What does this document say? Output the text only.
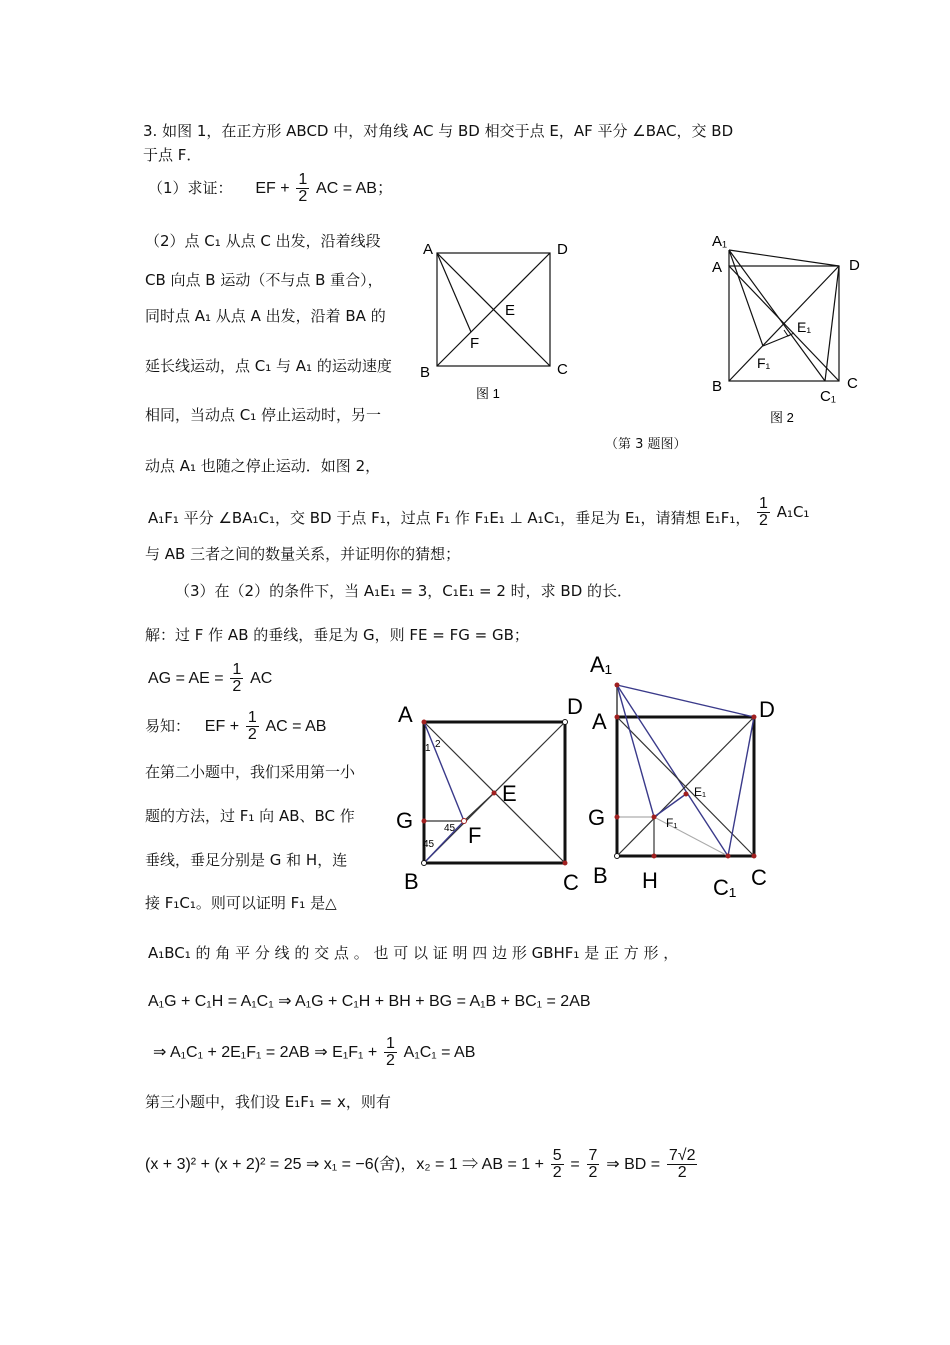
3. 如图 1，在正方形 ABCD 中，对角线 AC 与 BD 相交于点 E，AF 平分 ∠BAC，交 BD
于点 F．
（1）求证： EF + $\frac{1}{2}$ AC = AB；
（2）点 C₁ 从点 C 出发，沿着线段
CB 向点 B 运动（不与点 B 重合），
同时点 A₁ 从点 A 出发，沿着 BA 的
延长线运动，点 C₁ 与 A₁ 的运动速度
相同，当动点 C₁ 停止运动时，另一
动点 A₁ 也随之停止运动．如图 2，
A	D
B	C
E
F
图 1
A₁
A	D
E₁
F₁
B	C
C₁
图 2
（第 3 题图）
A₁F₁ 平分 ∠BA₁C₁，交 BD 于点 F₁，过点 F₁ 作 F₁E₁ ⊥ A₁C₁，垂足为 E₁，请猜想 E₁F₁， $\frac{1}{2} A_1C_1$
与 AB 三者之间的数量关系，并证明你的猜想；
（3）在（2）的条件下，当 A₁E₁ = 3，C₁E₁ = 2 时，求 BD 的长．
解：过 F 作 AB 的垂线，垂足为 G，则 FE = FG = GB；
AG = AE = $\frac{1}{2}$ AC
易知： EF + $\frac{1}{2}$ AC = AB
在第二小题中，我们采用第一小
题的方法，过 F₁ 向 AB、BC 作
垂线，垂足分别是 G 和 H，连
接 F₁C₁。则可以证明 F₁ 是△
A	D
E
F
G
B	C
1 2
45
45
A₁
A	D
E₁
F₁
G
B H	C₁ C
A₁BC₁ 的 角 平 分 线 的 交 点 。 也 可 以 证 明 四 边 形 GBHF₁ 是 正 方 形 ，
A₁G + C₁H = A₁C₁ ⇒ A₁G + C₁H + BH + BG = A₁B + BC₁ = 2AB
⇒ A₁C₁ + 2E₁F₁ = 2AB ⇒ $E_1F_1 + \frac{1}{2} A_1C_1$ = AB
第三小题中，我们设 E₁F₁ = x，则有
(x + 3)² + (x + 2)² = 25 ⇒ x₁ = −6(舍)，x₂ = 1 ⇒ AB = $1 + \frac{5}{2} = \frac{7}{2}$ ⇒ BD = $\frac{7√2}{2}$
